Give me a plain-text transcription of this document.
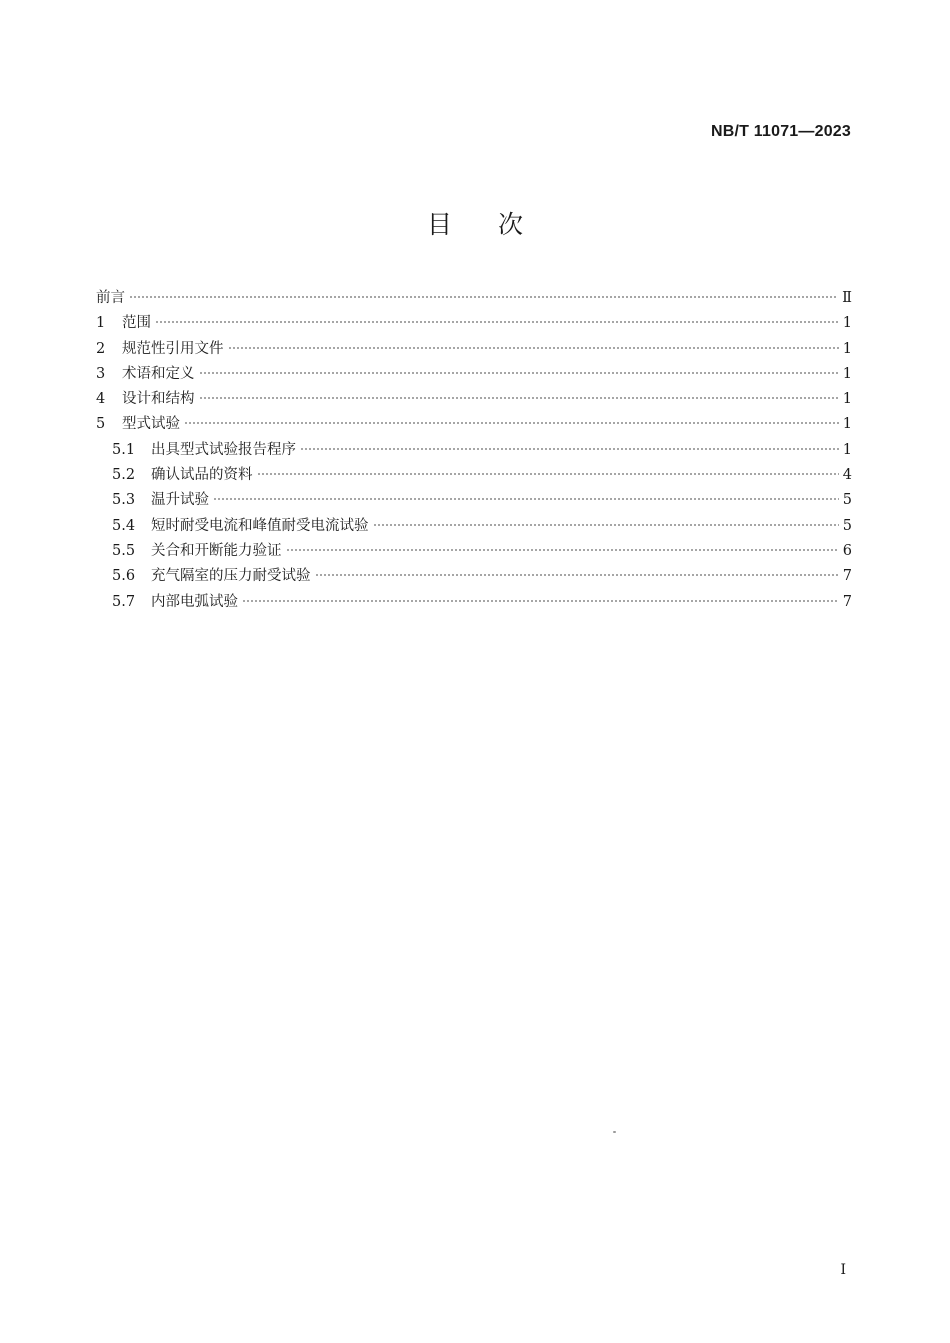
NB/T 11071—2023
目次
前言	Ⅱ
1	范围	1
2	规范性引用文件	1
3	术语和定义	1
4	设计和结构	1
5	型式试验	1
5.1	出具型式试验报告程序	1
5.2	确认试品的资料	4
5.3	温升试验	5
5.4	短时耐受电流和峰值耐受电流试验	5
5.5	关合和开断能力验证	6
5.6	充气隔室的压力耐受试验	7
5.7	内部电弧试验	7
I
